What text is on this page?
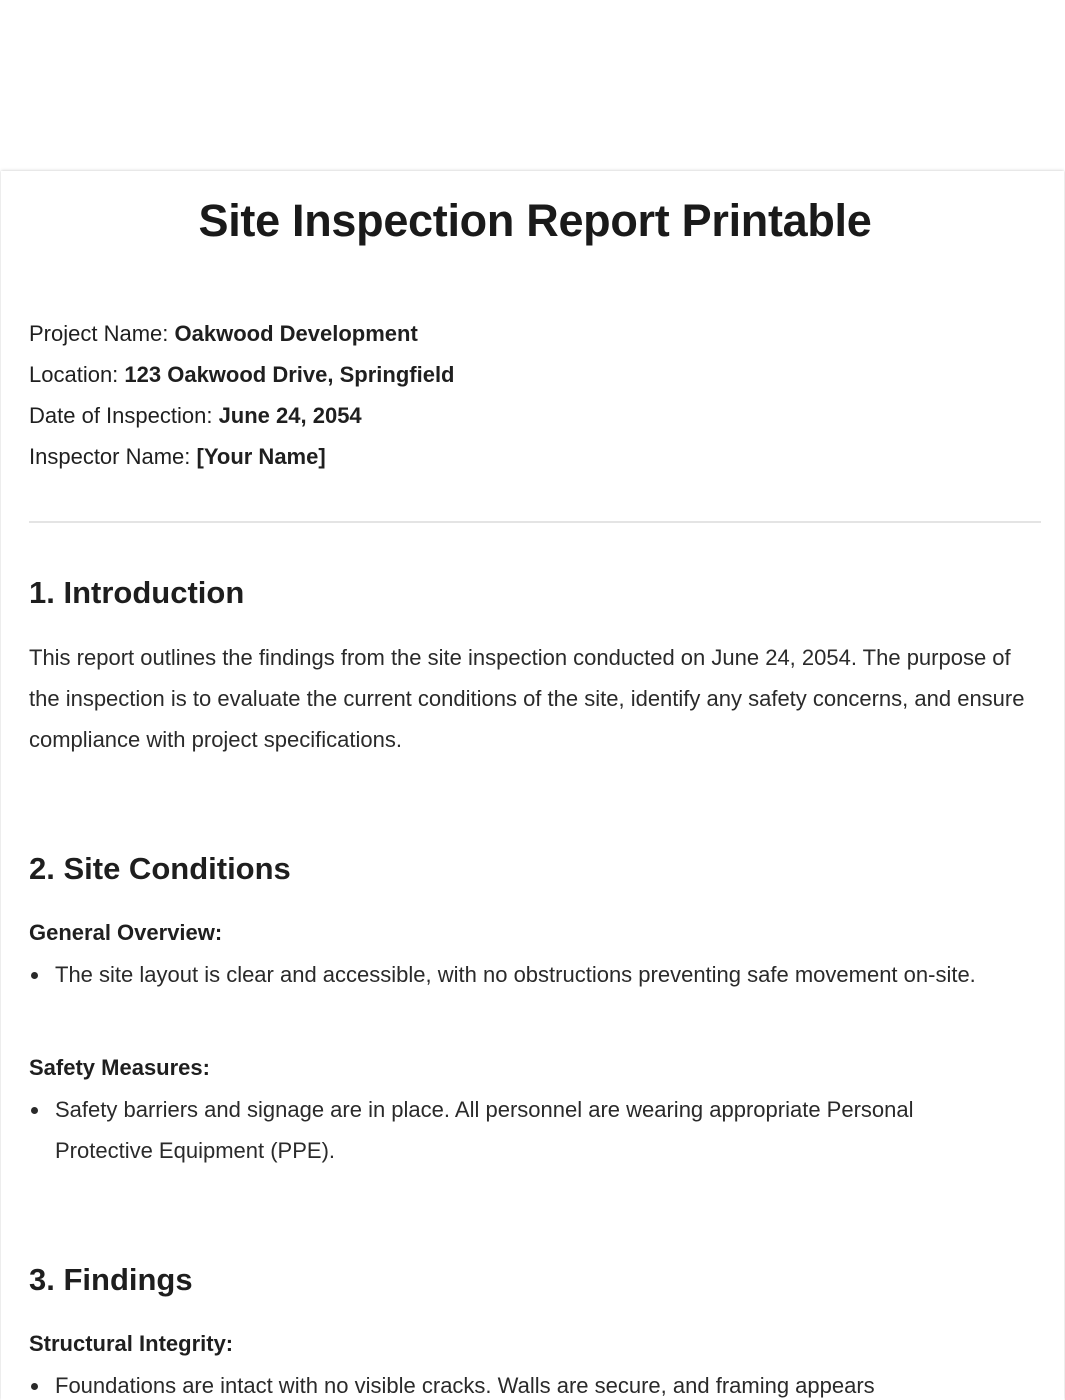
Site Inspection Report Printable
Project Name: Oakwood Development
Location: 123 Oakwood Drive, Springfield
Date of Inspection: June 24, 2054
Inspector Name: [Your Name]
1. Introduction

This report outlines the findings from the site inspection conducted on June 24, 2054. The purpose of the inspection is to evaluate the current conditions of the site, identify any safety concerns, and ensure compliance with project specifications.

2. Site Conditions
General Overview:
The site layout is clear and accessible, with no obstructions preventing safe movement on-site.
Safety Measures:
Safety barriers and signage are in place. All personnel are wearing appropriate Personal Protective Equipment (PPE).
3. Findings
Structural Integrity:
Foundations are intact with no visible cracks. Walls are secure, and framing appears
